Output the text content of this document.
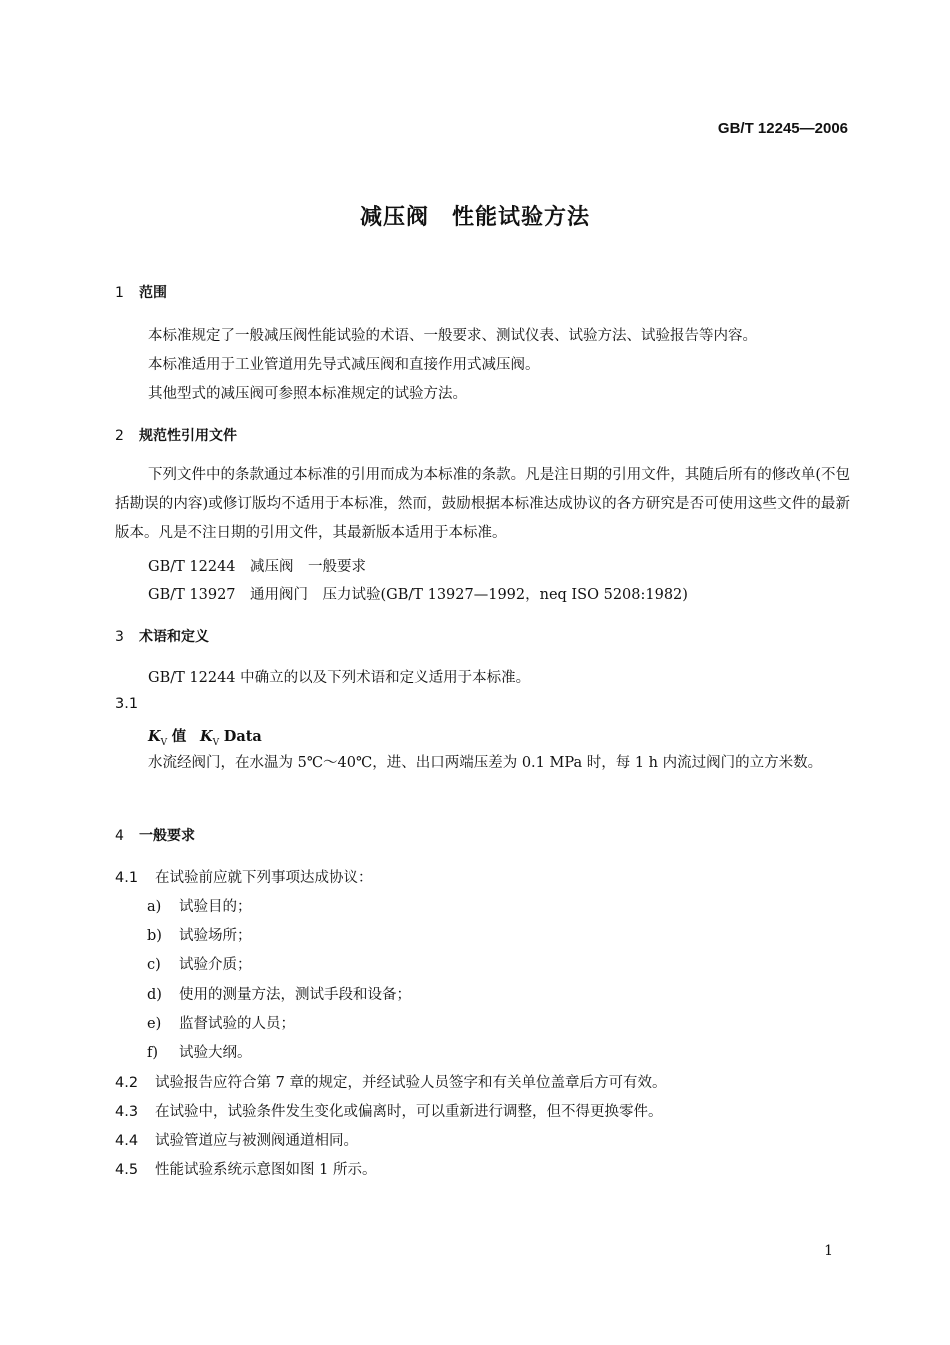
GB/T 12245—2006
减压阀　性能试验方法
1 范围
本标准规定了一般减压阀性能试验的术语、一般要求、测试仪表、试验方法、试验报告等内容。
本标准适用于工业管道用先导式减压阀和直接作用式减压阀。
其他型式的减压阀可参照本标准规定的试验方法。
2 规范性引用文件
下列文件中的条款通过本标准的引用而成为本标准的条款。凡是注日期的引用文件，其随后所有的修改单(不包括勘误的内容)或修订版均不适用于本标准，然而，鼓励根据本标准达成协议的各方研究是否可使用这些文件的最新版本。凡是不注日期的引用文件，其最新版本适用于本标准。
GB/T 12244　减压阀　一般要求
GB/T 13927　通用阀门　压力试验(GB/T 13927—1992，neq ISO 5208:1982)
3 术语和定义
GB/T 12244 中确立的以及下列术语和定义适用于本标准。
3.1
$K_V$ 值 $K_V$ Data
水流经阀门，在水温为 5℃～40℃，进、出口两端压差为 0.1 MPa 时，每 1 h 内流过阀门的立方米数。
4 一般要求
4.1 在试验前应就下列事项达成协议：
a) 试验目的；
b) 试验场所；
c) 试验介质；
d) 使用的测量方法，测试手段和设备；
e) 监督试验的人员；
f) 试验大纲。
4.2 试验报告应符合第 7 章的规定，并经试验人员签字和有关单位盖章后方可有效。
4.3 在试验中，试验条件发生变化或偏离时，可以重新进行调整，但不得更换零件。
4.4 试验管道应与被测阀通道相同。
4.5 性能试验系统示意图如图 1 所示。
1
